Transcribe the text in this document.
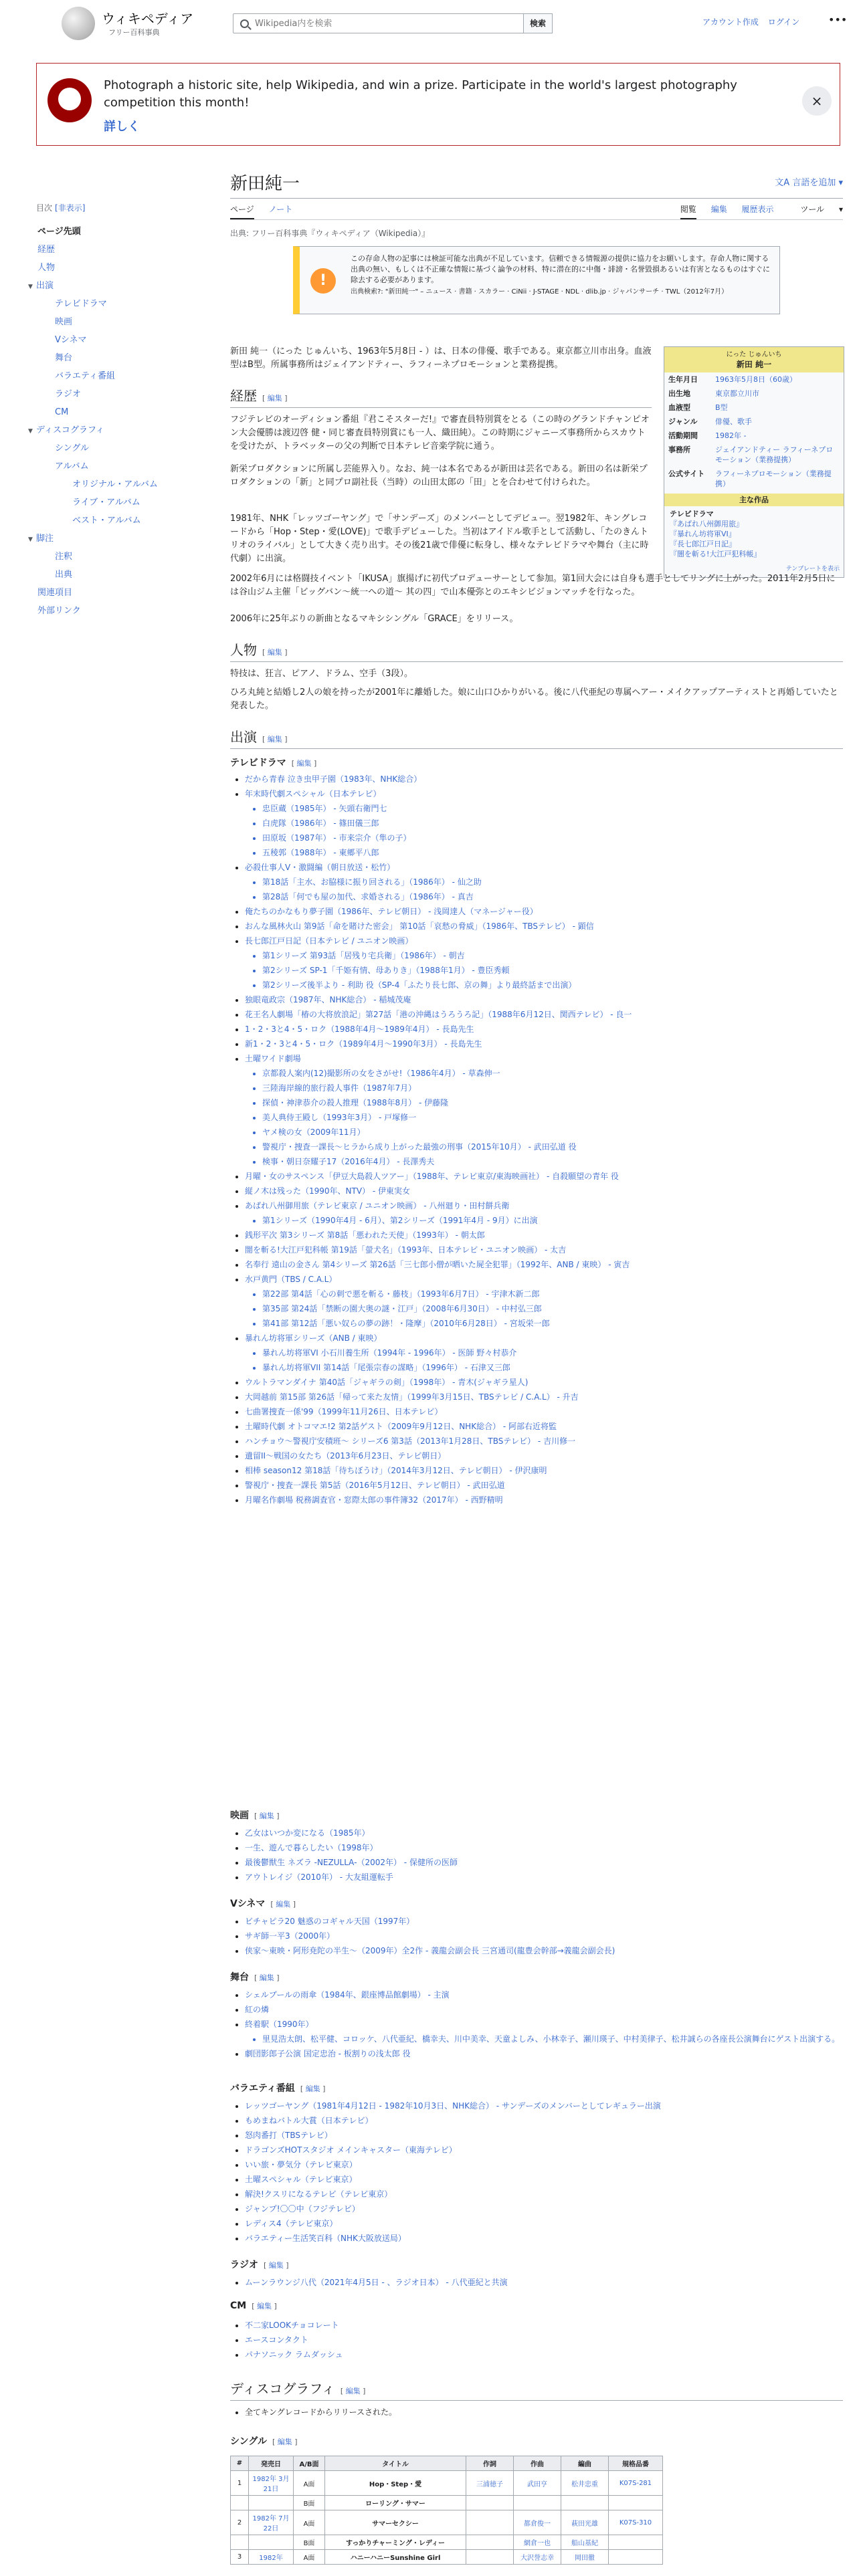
ウィキペディア
フリー百科事典
Wikipedia内を検索
検索	アカウント作成 ログイン	•••
Photograph a historic site, help Wikipedia, and win a prize. Participate in the world's largest photography competition this month!
詳しく
×
目次 [非表示]
ページ先頭
経歴
人物
▼ 出演
テレビドラマ
映画
Vシネマ
舞台
バラエティ番組
ラジオ
CM
▼ ディスコグラフィ
シングル
アルバム
オリジナル・アルバム
ライブ・アルバム
ベスト・アルバム
▼ 脚注
注釈
出典
関連項目
外部リンク
新田純一	文A 言語を追加 ▾
ページ ノート	閲覧 編集 履歴表示	ツール ▾
出典: フリー百科事典『ウィキペディア（Wikipedia）』
!
この存命人物の記事には検証可能な出典が不足しています。信頼できる情報源の提供に協力をお願いします。存命人物に関する出典の無い、もしくは不正確な情報に基づく論争の材料、特に潜在的に中傷・誹謗・名誉毀損あるいは有害となるものはすぐに除去する必要があります。
出典検索?: "新田純一" – ニュース · 書籍 · スカラー · CiNii · J-STAGE · NDL · dlib.jp · ジャパンサーチ · TWL（2012年7月）
にった じゅんいち
新田 純一
生年月日	1963年5月8日（60歳）
出生地	東京都立川市
血液型	B型
ジャンル	俳優、歌手
活動期間	1982年 -
事務所	ジェイアンドティー ラフィーネプロモーション（業務提携）
公式サイト	ラフィーネプロモーション（業務提携）
主な作品
テレビドラマ
『あばれ八州御用旅』
『暴れん坊将軍VI』
『長七郎江戸日記』
『闇を斬る!大江戸犯科帳』
テンプレートを表示
新田 純一（にった じゅんいち、1963年5月8日 - ）は、日本の俳優、歌手である。東京都立川市出身。血液型はB型。所属事務所はジェイアンドティー、ラフィーネプロモーションと業務提携。
経歴 [ 編集 ]
フジテレビのオーディション番組『君こそスターだ!』で審査員特別賞をとる（この時のグランドチャンピオン大会優勝は渡辺啓 健・同じ審査員特別賞にも一人、織田純）。この時期にジャニーズ事務所からスカウトを受けたが、トラベッターの父の判断で日本テレビ音楽学院に通う。
新栄プロダクションに所属し芸能界入り。なお、純一は本名であるが新田は芸名である。新田の名は新栄プロダクションの「新」と同プロ副社長（当時）の山田太郎の「田」とを合わせて付けられた。
1981年、NHK「レッツゴーヤング」で「サンデーズ」のメンバーとしてデビュー。翌1982年、キングレコードから「Hop・Step・愛(LOVE)」で歌手デビューした。当初はアイドル歌手として活動し、「たのきんトリオのライバル」として大きく売り出す。その後21歳で俳優に転身し、様々なテレビドラマや舞台（主に時代劇）に出演。
2002年6月には格闘技イベント「IKUSA」旗揚げに初代プロデューサーとして参加。第1回大会には自身も選手としてリングに上がった。2011年2月5日には谷山ジム主催「ビッグバン〜統一への道〜 其の四」で山本優弥とのエキシビジョンマッチを行なった。
2006年に25年ぶりの新曲となるマキシシングル「GRACE」をリリース。
人物 [ 編集 ]
特技は、狂言、ピアノ、ドラム、空手（3段）。
ひろ丸純と結婚し2人の娘を持ったが2001年に離婚した。娘に山口ひかりがいる。後に八代亜紀の専属ヘアー・メイクアップアーティストと再婚していたと発表した。
出演 [ 編集 ]
テレビドラマ [ 編集 ]
• だから青春 泣き虫甲子園（1983年、NHK総合）
• 年末時代劇スペシャル（日本テレビ）
• 忠臣蔵（1985年） - 矢頭右衛門七
• 白虎隊（1986年） - 篠田儀三郎
• 田原坂（1987年） - 市来宗介（隼の子）
• 五稜郭（1988年） - 東郷平八郎
• 必殺仕事人V・激闘編（朝日放送・松竹）
• 第18話「主水、お脇様に振り回される」（1986年） - 仙之助
• 第28話「何でも屋の加代、求婚される」（1986年） - 真吉
• 俺たちのかなもり夢子園（1986年、テレビ朝日） - 浅岡達人（マネージャー役）
• おんな風林火山 第9話「命を賭けた密会」 第10話「哀愁の脅威」（1986年、TBSテレビ） - 顕信
• 長七郎江戸日記（日本テレビ / ユニオン映画）
• 第1シリーズ 第93話「居残り宅兵衛」（1986年） - 朝吉
• 第2シリーズ SP-1「千姫有情、母ありき」（1988年1月） - 豊臣秀頼
• 第2シリーズ後半より - 利助 役（SP-4「ふたり長七郎、京の舞」より最終話まで出演）
• 独眼竜政宗（1987年、NHK総合） - 稲城茂庵
• 花王名人劇場「椿の大将放浪記」第27話「港の沖縄はうろうろ記」（1988年6月12日、関西テレビ） - 良一
• 1・2・3と4・5・ロク（1988年4月〜1989年4月） - 長島先生
• 新1・2・3と4・5・ロク（1989年4月〜1990年3月） - 長島先生
• 土曜ワイド劇場
• 京都殺人案内(12)撮影所の女をさがせ!（1986年4月） - 草森伸一
• 三陸海岸線的旅行殺人事件（1987年7月）
• 探偵・神津恭介の殺人推理（1988年8月） - 伊藤隆
• 美人典侍王殿し（1993年3月） - 戸塚修一
• ヤメ検の女（2009年11月）
• 警視庁・捜査一課長〜ヒラから成り上がった最強の刑事（2015年10月） - 武田弘道 役
• 検事・朝日奈耀子17（2016年4月） - 長澤秀夫
• 月曜・女のサスペンス「伊豆大島殺人ツアー」（1988年、テレビ東京/東海映画社） - 自殺願望の青年 役
• 縦ノ木は残った（1990年、NTV） - 伊東実女
• あばれ八州御用旅（テレビ東京 / ユニオン映画） - 八州廻り・田村餅兵衛
• 第1シリーズ（1990年4月 - 6月）、第2シリーズ（1991年4月 - 9月）に出演
• 銭形平次 第3シリーズ 第8話「悪われた天使」（1993年） - 朝太郎
• 闇を斬る!大江戸犯科帳 第19話「螢犬名」（1993年、日本テレビ・ユニオン映画） - 太吉
• 名奉行 遠山の金さん 第4シリーズ 第26話「三七郎小僧が晒いた屍全犯罪」（1992年、ANB / 東映） - 寅吉
• 水戸黄門（TBS / C.A.L）
• 第22部 第4話「心の刺で悪を斬る・藤枝」（1993年6月7日） - 宇津木新二郎
• 第35部 第24話「禁断の園大奥の謎・江戸」（2008年6月30日） - 中村弘三郎
• 第41部 第12話「悪い奴らの夢の跡！・隆摩」（2010年6月28日） - 宮坂栄一郎
• 暴れん坊将軍シリーズ（ANB / 東映）
• 暴れん坊将軍VI 小石川養生所（1994年 - 1996年） - 医師 野々村恭介
• 暴れん坊将軍VII 第14話「尾張宗春の謀略」（1996年） - 石津又三郎
• ウルトラマンダイナ 第40話「ジャギラの剣」（1998年） - 青木(ジャギラ星人)
• 大岡越前 第15部 第26話「帰って来た友情」（1999年3月15日、TBSテレビ / C.A.L） - 升吉
• 七曲署捜査一係'99（1999年11月26日、日本テレビ）
• 土曜時代劇 オトコマエ!2 第2話ゲスト（2009年9月12日、NHK総合） - 阿部右近将監
• ハンチョウ〜警視庁安積班〜 シリーズ6 第3話（2013年1月28日、TBSテレビ） - 吉川修一
• 遺留II〜戦国の女たち（2013年6月23日、テレビ朝日）
• 相棒 season12 第18話「待ちぼうけ」（2014年3月12日、テレビ朝日） - 伊沢康明
• 警視庁・捜査一課長 第5話（2016年5月12日、テレビ朝日） - 武田弘道
• 月曜名作劇場 税務調査官・窓際太郎の事件簿32（2017年） - 西野精明
映画 [ 編集 ]
• 乙女はいつか変になる（1985年）
• 一生、遊んで暮らしたい（1998年）
• 最後鬱獣生 ネズラ -NEZULLA-（2002年） - 保健所の医師
• アウトレイジ（2010年） - 大友組運転手
Vシネマ [ 編集 ]
• ビチャピラ20 魅惑のコギャル天国（1997年）
• サギ師一平3（2000年）
• 侠家〜東映・阿形尭陀の半生〜（2009年）全2作 - 義龍会副会長 三宮通司(龍豊会幹部→義龍会副会長)
舞台 [ 編集 ]
• シェルブールの雨傘（1984年、銀座博品館劇場） - 主演
• 紅の燐
• 終着駅（1990年）
• 里見浩太朗、松平健、コロッケ、八代亜紀、橋幸夫、川中美幸、天童よしみ、小林幸子、瀬川瑛子、中村美律子、松井誠らの各座長公演舞台にゲスト出演する。
• 劇団影郎子公演 国定忠治 - 板割りの浅太郎 役
バラエティ番組 [ 編集 ]
• レッツゴーヤング（1981年4月12日 - 1982年10月3日、NHK総合） - サンデーズのメンバーとしてレギュラー出演
• もめまねバトル大賞（日本テレビ）
• 怒肉番打（TBSテレビ）
• ドラゴンズHOTスタジオ メインキャスター（東海テレビ）
• いい旅・夢気分（テレビ東京）
• 土曜スペシャル（テレビ東京）
• 解決!クスリになるテレビ（テレビ東京）
• ジャンプ!〇〇中（フジテレビ）
• レディス4（テレビ東京）
• バラエティー生活笑百科（NHK大阪放送局）
ラジオ [ 編集 ]
• ムーンラウンジ八代（2021年4月5日 - 、ラジオ日本） - 八代亜紀と共演
CM [ 編集 ]
• 不二家LOOKチョコレート
• エースコンタクト
• パナソニック ラムダッシュ
ディスコグラフィ [ 編集 ]
• 全てキングレコードからリリースされた。
シングル [ 編集 ]
#	発売日	A/B面	タイトル	作詞	作曲	編曲	規格品番
1	1982年 3月21日	A面	Hop・Step・愛	三浦徳子	武田亨	松井忠重	K07S-281
		B面	ローリング・サマー				
2	1982年 7月22日	A面	サマーセクシー		都倉俊一	萩田光雄	K07S-310
		B面	すっかりチャーミング・レディー		網倉一也	船山基紀	
3	1982年	A面	ハニーハニーSunshine Girl		大沢誉志幸	岡田徹	
